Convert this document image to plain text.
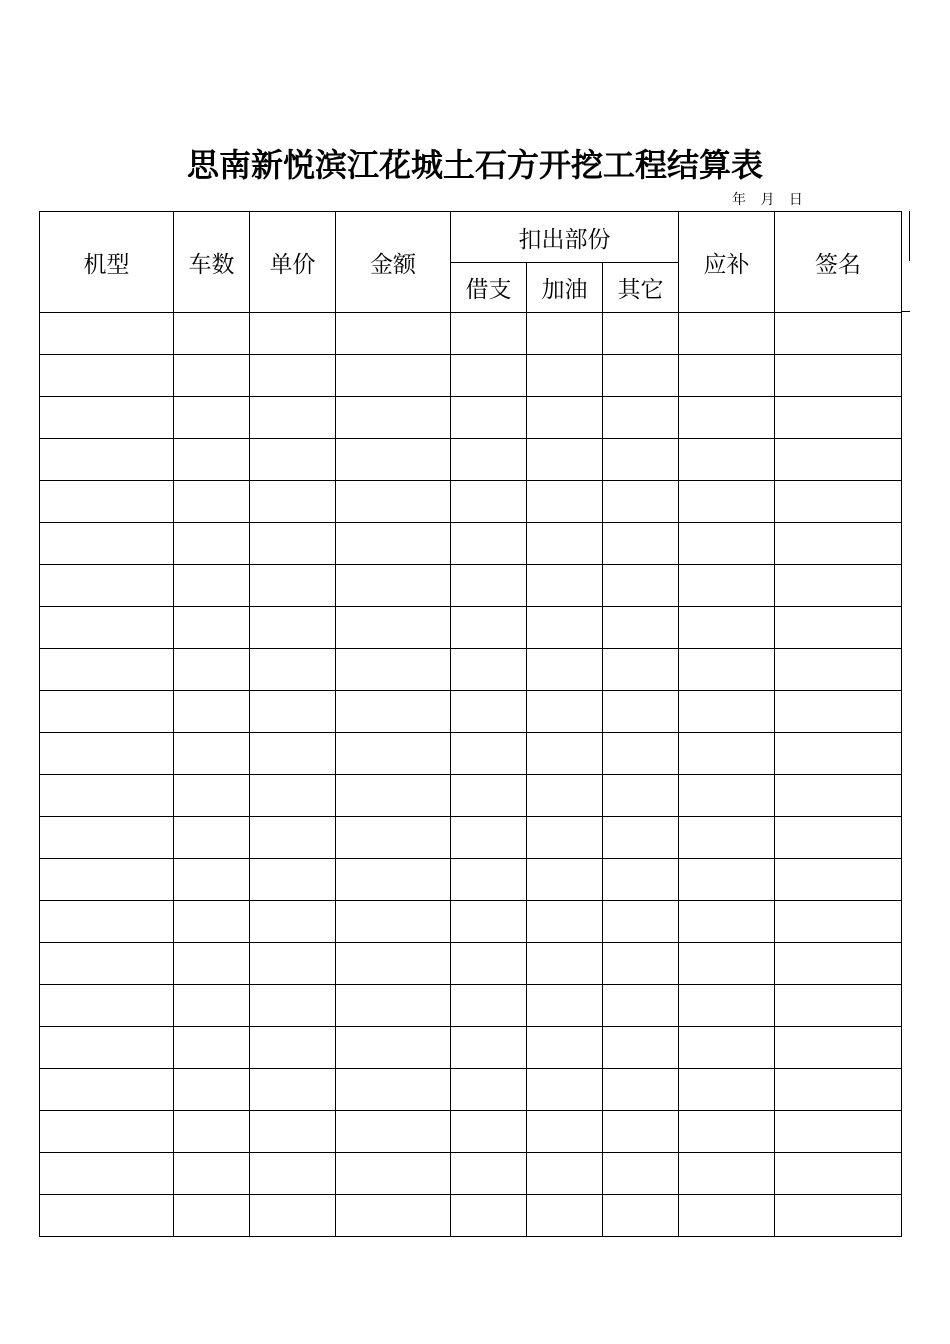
思南新悦滨江花城土石方开挖工程结算表
年 月 日
机型	车数	单价	金额	扣出部份			应补	签名
				借支	加油	其它		
